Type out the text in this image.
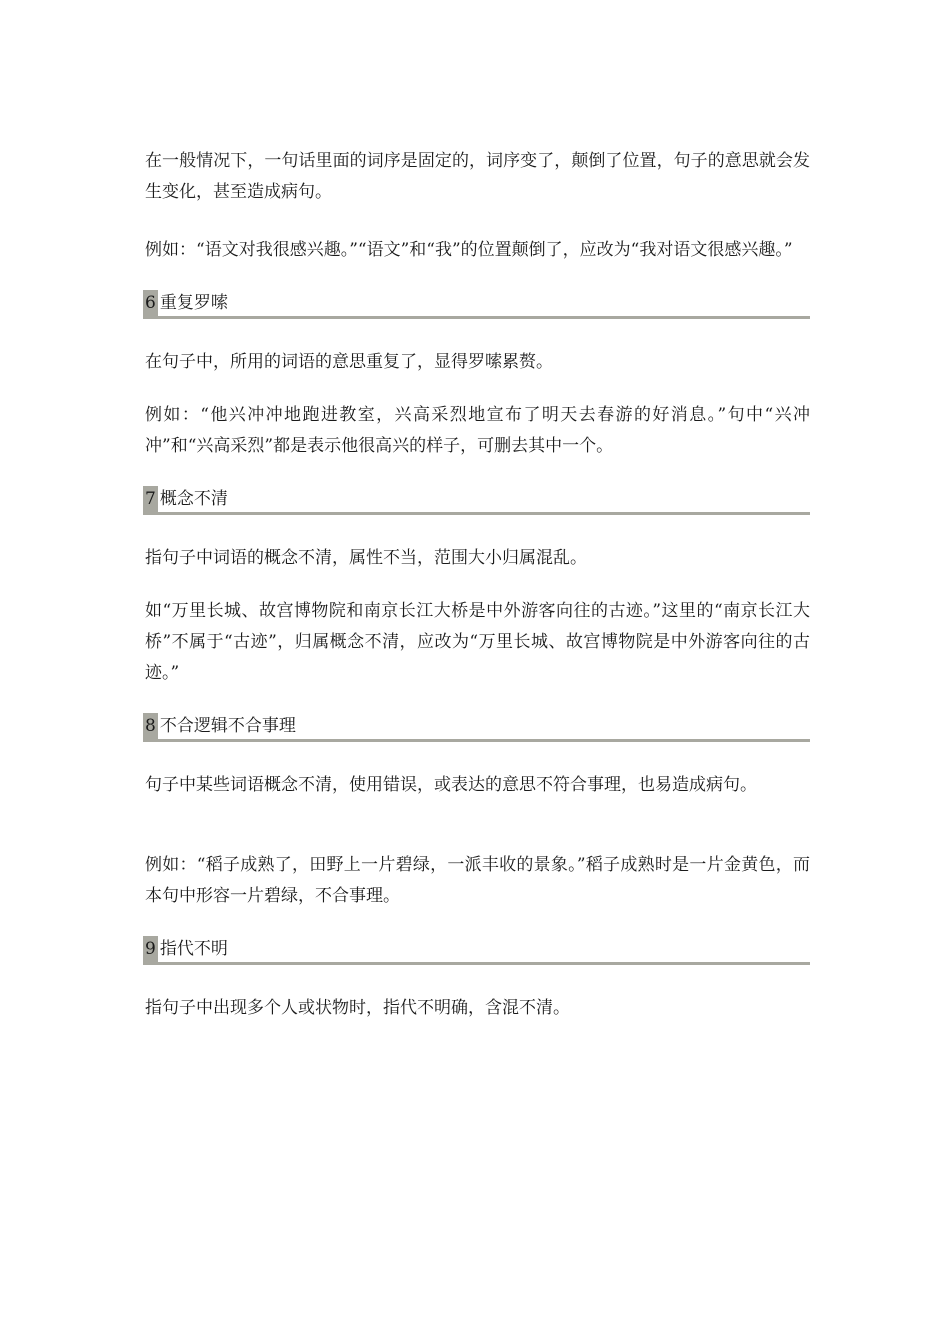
在一般情况下，一句话里面的词序是固定的，词序变了，颠倒了位置，句子的意思就会发生变化，甚至造成病句。

例如：“语文对我很感兴趣。”“语文”和“我”的位置颠倒了，应改为“我对语文很感兴趣。”

6 重复罗嗦

在句子中，所用的词语的意思重复了，显得罗嗦累赘。

例如：“他兴冲冲地跑进教室，兴高采烈地宣布了明天去春游的好消息。”句中“兴冲冲”和“兴高采烈”都是表示他很高兴的样子，可删去其中一个。

7 概念不清

指句子中词语的概念不清，属性不当，范围大小归属混乱。

如“万里长城、故宫博物院和南京长江大桥是中外游客向往的古迹。”这里的“南京长江大桥”不属于“古迹”，归属概念不清，应改为“万里长城、故宫博物院是中外游客向往的古迹。”

8 不合逻辑不合事理

句子中某些词语概念不清，使用错误，或表达的意思不符合事理，也易造成病句。

例如：“稻子成熟了，田野上一片碧绿，一派丰收的景象。”稻子成熟时是一片金黄色，而本句中形容一片碧绿，不合事理。

9 指代不明

指句子中出现多个人或状物时，指代不明确，含混不清。
